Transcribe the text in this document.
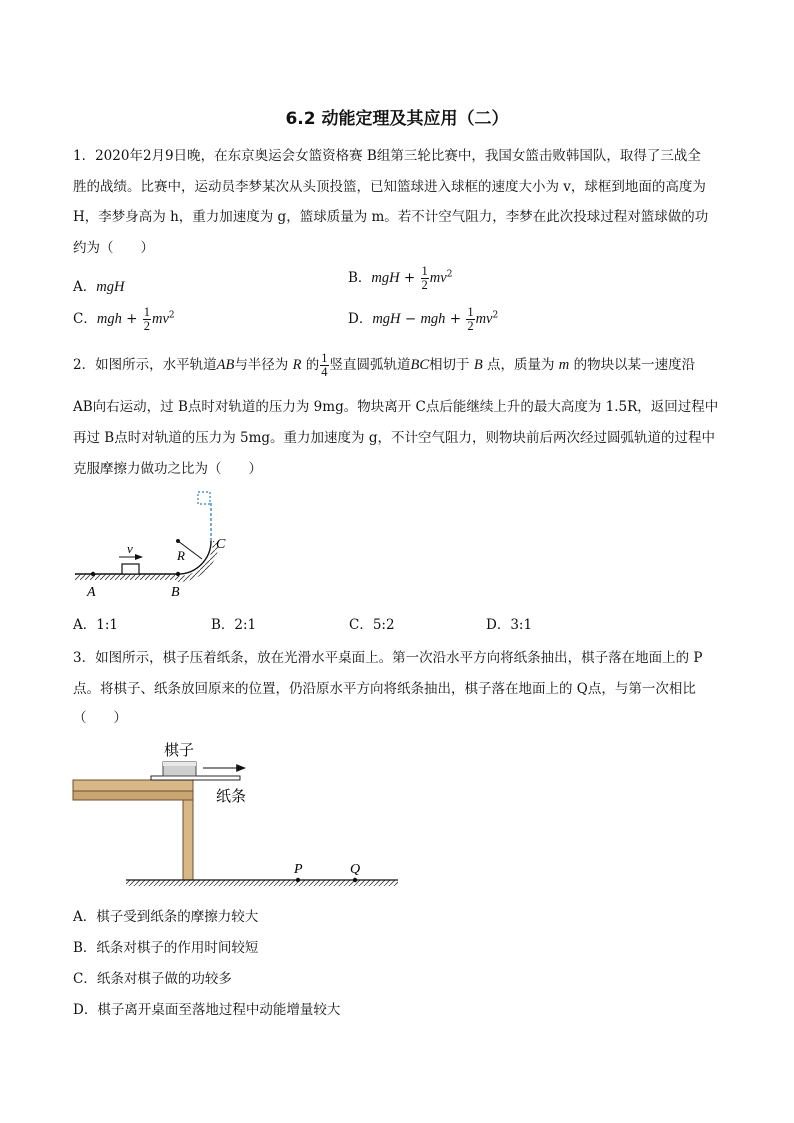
6.2 动能定理及其应用（二）
1．2020年2月9日晚，在东京奥运会女篮资格赛 B组第三轮比赛中，我国女篮击败韩国队，取得了三战全
胜的战绩。比赛中，运动员李梦某次从头顶投篮，已知篮球进入球框的速度大小为 v，球框到地面的高度为
H，李梦身高为 h，重力加速度为 g，篮球质量为 m。若不计空气阻力，李梦在此次投球过程对篮球做的功
约为（　　）
A．mgH
B．mgH + $\frac{1}{2} mv^2$
C．mgh + $\frac{1}{2} mv^2$	D．mgH − mgh + $\frac{1}{2} mv^2$
2．如图所示，水平轨道AB与半径为 R 的 $\frac{1}{4}$ 竖直圆弧轨道BC相切于 B 点，质量为 m 的物块以某一速度沿
AB向右运动，过 B点时对轨道的压力为 9mg。物块离开 C点后能继续上升的最大高度为 1.5R，返回过程中
再过 B点时对轨道的压力为 5mg。重力加速度为 g，不计空气阻力，则物块前后两次经过圆弧轨道的过程中
克服摩擦力做功之比为（　　）
v	R
C
A	B
A．1:1	B．2:1	C．5:2	D．3:1
3．如图所示，棋子压着纸条，放在光滑水平桌面上。第一次沿水平方向将纸条抽出，棋子落在地面上的 P
点。将棋子、纸条放回原来的位置，仍沿原水平方向将纸条抽出，棋子落在地面上的 Q点，与第一次相比
（　　）
棋子
纸条
P	Q
A．棋子受到纸条的摩擦力较大
B．纸条对棋子的作用时间较短
C．纸条对棋子做的功较多
D．棋子离开桌面至落地过程中动能增量较大
